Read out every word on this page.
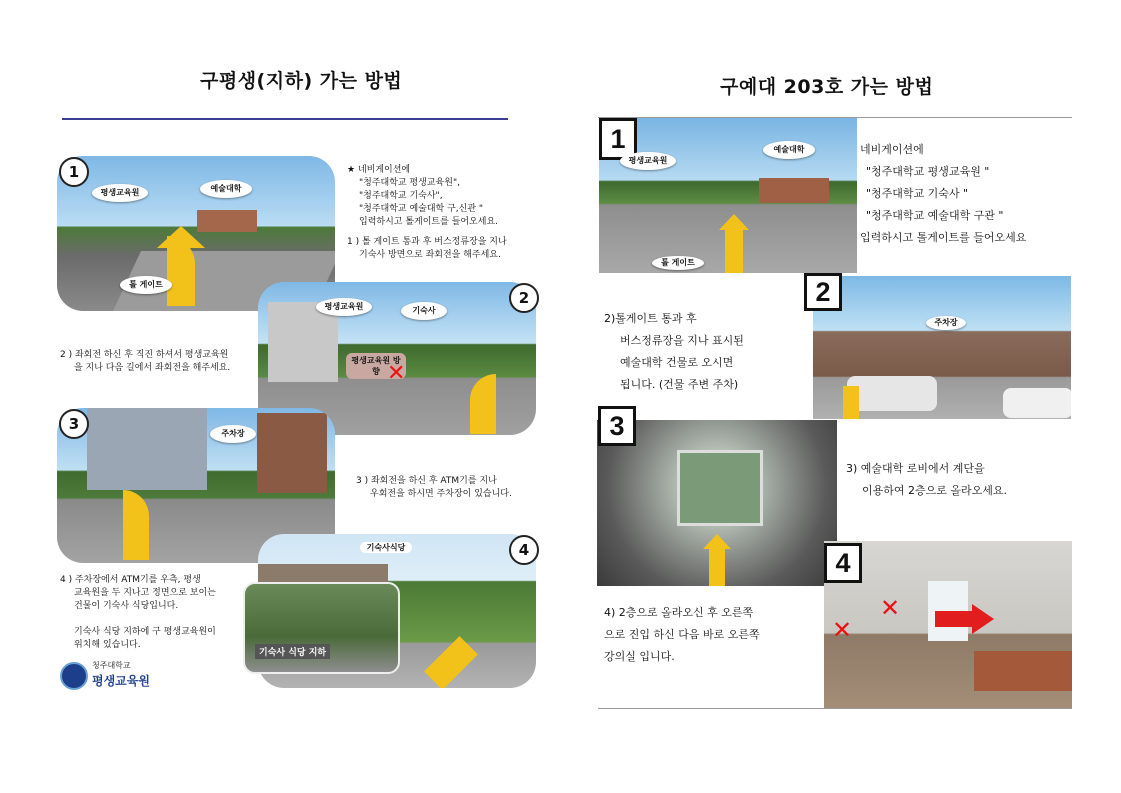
구평생(지하) 가는 방법
1
평생교육원	예술대학
톨 게이트
★ 네비게이션에
"청주대학교 평생교육원",
"청주대학교 기숙사",
"청주대학교 예술대학 구,신관 "
입력하시고 톨게이트를 들어오세요.
1 ) 톨 게이트 통과 후 버스정류장을 지나
기숙사 방면으로 좌회전을 해주세요.
2
평생교육원	기숙사
평생교육원 방향 ✕
2 ) 좌회전 하신 후 직진 하셔서 평생교육원
을 지나 다음 길에서 좌회전을 해주세요.
3
주차장
3 ) 좌회전을 하신 후 ATM기를 지나
우회전을 하시면 주차장이 있습니다.
4
기숙사식당
기숙사 식당 지하
4 ) 주차장에서 ATM기를 우측, 평생
교육원을 두 지나고 정면으로 보이는
건물이 기숙사 식당입니다.
기숙사 식당 지하에 구 평생교육원이
위치해 있습니다.
청주대학교
평생교육원
구예대 203호 가는 방법
1
평생교육원
예술대학
톨 게이트
네비게이션에
"청주대학교 평생교육원 "
"청주대학교 기숙사 "
"청주대학교 예술대학 구관 "
입력하시고 톨게이트를 들어오세요
2
주차장
2)톨게이트 통과 후
버스정류장을 지나 표시된
예술대학 건물로 오시면
됩니다. (건물 주변 주차)
3
3) 예술대학 로비에서 계단을
이용하여 2층으로 올라오세요.
4
✕
✕
4) 2층으로 올라오신 후 오른쪽
으로 진입 하신 다음 바로 오른쪽
강의실 입니다.
